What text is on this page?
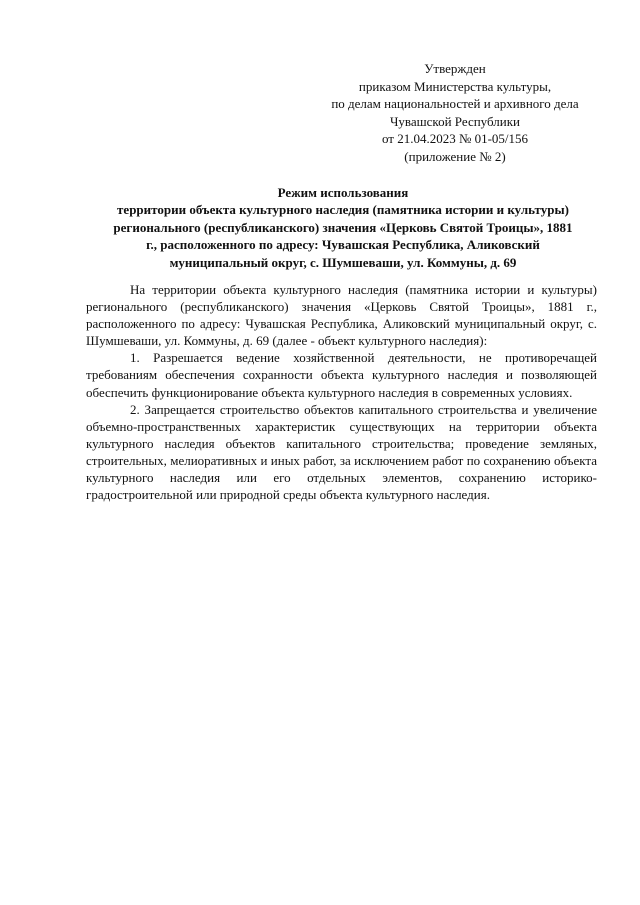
Утвержден
приказом Министерства культуры,
по делам национальностей и архивного дела
Чувашской Республики
от 21.04.2023 № 01-05/156
(приложение № 2)
Режим использования
территории объекта культурного наследия (памятника истории и культуры)
регионального (республиканского) значения «Церковь Святой Троицы», 1881
г., расположенного по адресу: Чувашская Республика, Аликовский
муниципальный округ, с. Шумшеваши, ул. Коммуны, д. 69

На территории объекта культурного наследия (памятника истории и культуры) регионального (республиканского) значения «Церковь Святой Троицы», 1881 г., расположенного по адресу: Чувашская Республика, Аликовский муниципальный округ, с. Шумшеваши, ул. Коммуны, д. 69 (далее - объект культурного наследия):

1. Разрешается ведение хозяйственной деятельности, не противоречащей требованиям обеспечения сохранности объекта культурного наследия и позволяющей обеспечить функционирование объекта культурного наследия в современных условиях.

2. Запрещается строительство объектов капитального строительства и увеличение объемно-пространственных характеристик существующих на территории объекта культурного наследия объектов капитального строительства; проведение земляных, строительных, мелиоративных и иных работ, за исключением работ по сохранению объекта культурного наследия или его отдельных элементов, сохранению историко-градостроительной или природной среды объекта культурного наследия.
